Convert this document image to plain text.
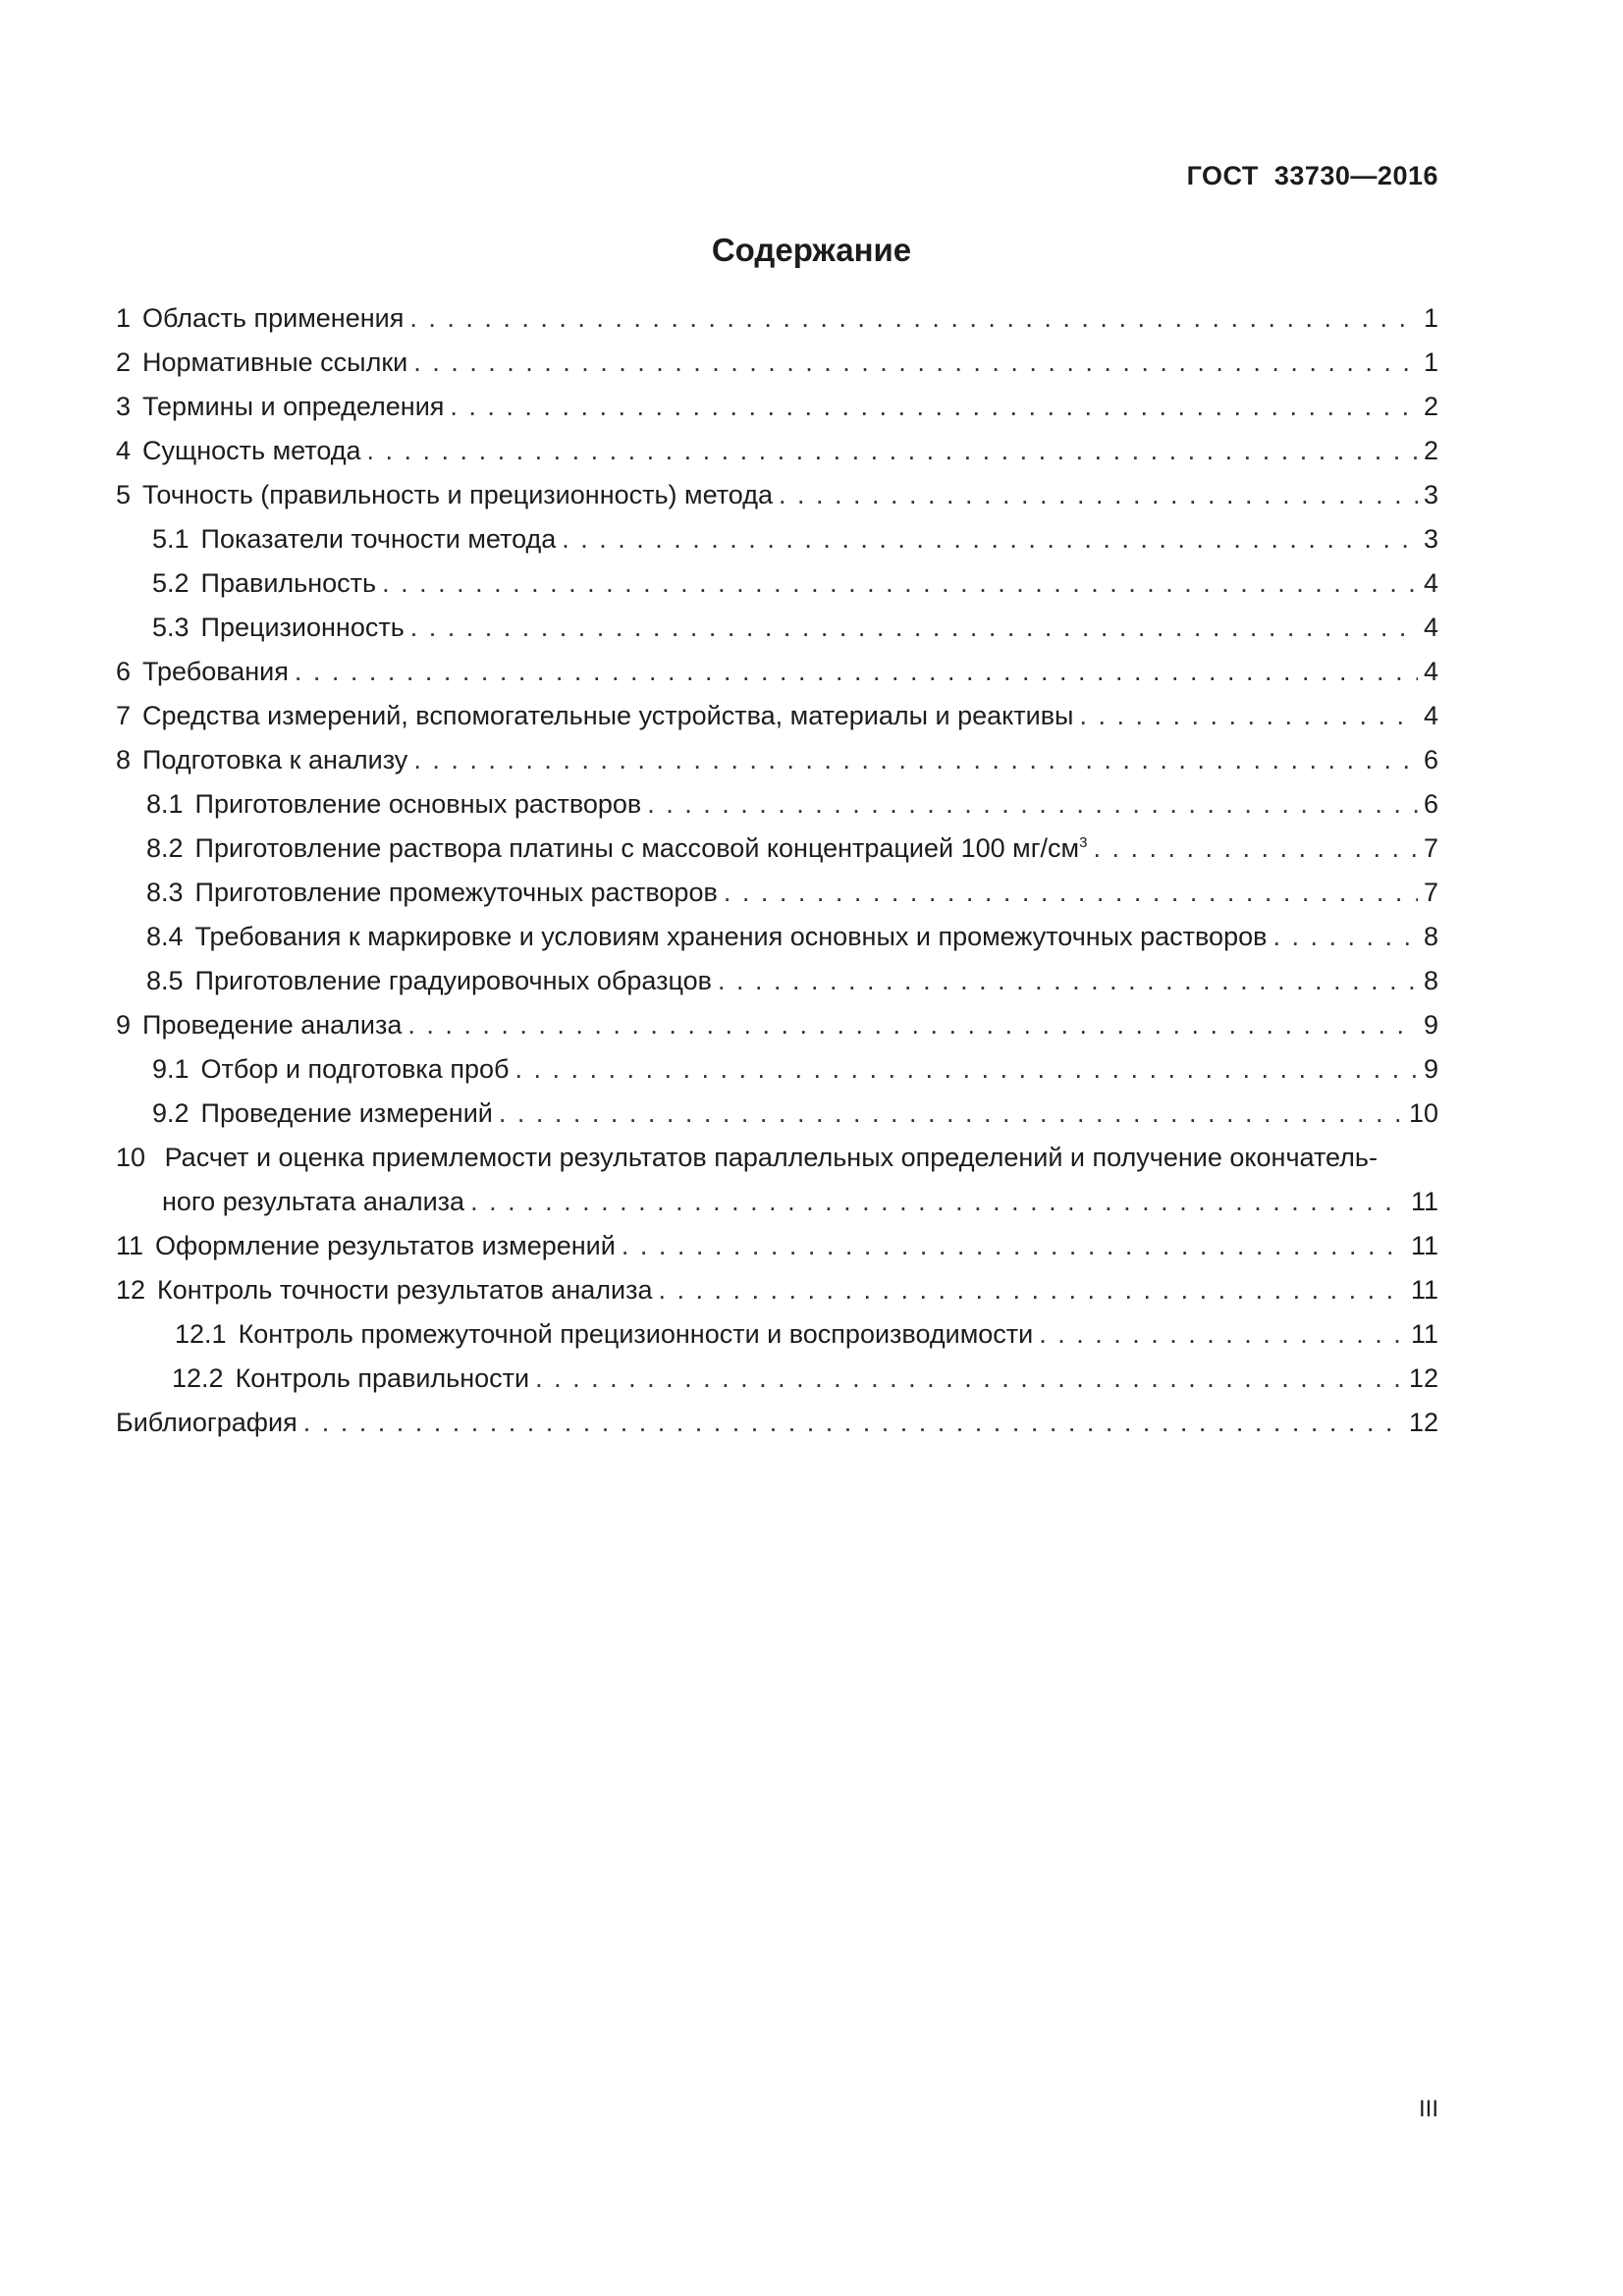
ГОСТ 33730—2016
Содержание
1 Область применения . . .	1
2 Нормативные ссылки . . .	1
3 Термины и определения . . .	2
4 Сущность метода . . .	2
5 Точность (правильность и прецизионность) метода . . .	3
5.1 Показатели точности метода . . .	3
5.2 Правильность . . .	4
5.3 Прецизионность . . .	4
6 Требования . . .	4
7 Средства измерений, вспомогательные устройства, материалы и реактивы . . .	4
8 Подготовка к анализу . . .	6
8.1 Приготовление основных растворов . . .	6
8.2 Приготовление раствора платины с массовой концентрацией 100 $мг/см^3$ . . .	7
8.3 Приготовление промежуточных растворов . . .	7
8.4 Требования к маркировке и условиям хранения основных и промежуточных растворов . . .	8
8.5 Приготовление градуировочных образцов . . .	8
9 Проведение анализа . . .	9
9.1 Отбор и подготовка проб . . .	9
9.2 Проведение измерений . . .	10
10 Расчет и оценка приемлемости результатов параллельных определений и получение окончатель-
ного результата анализа . . .	11
11 Оформление результатов измерений . . .	11
12 Контроль точности результатов анализа . . .	11
12.1 Контроль промежуточной прецизионности и воспроизводимости . . .	11
12.2 Контроль правильности . . .	12
Библиография . . .	12
III
